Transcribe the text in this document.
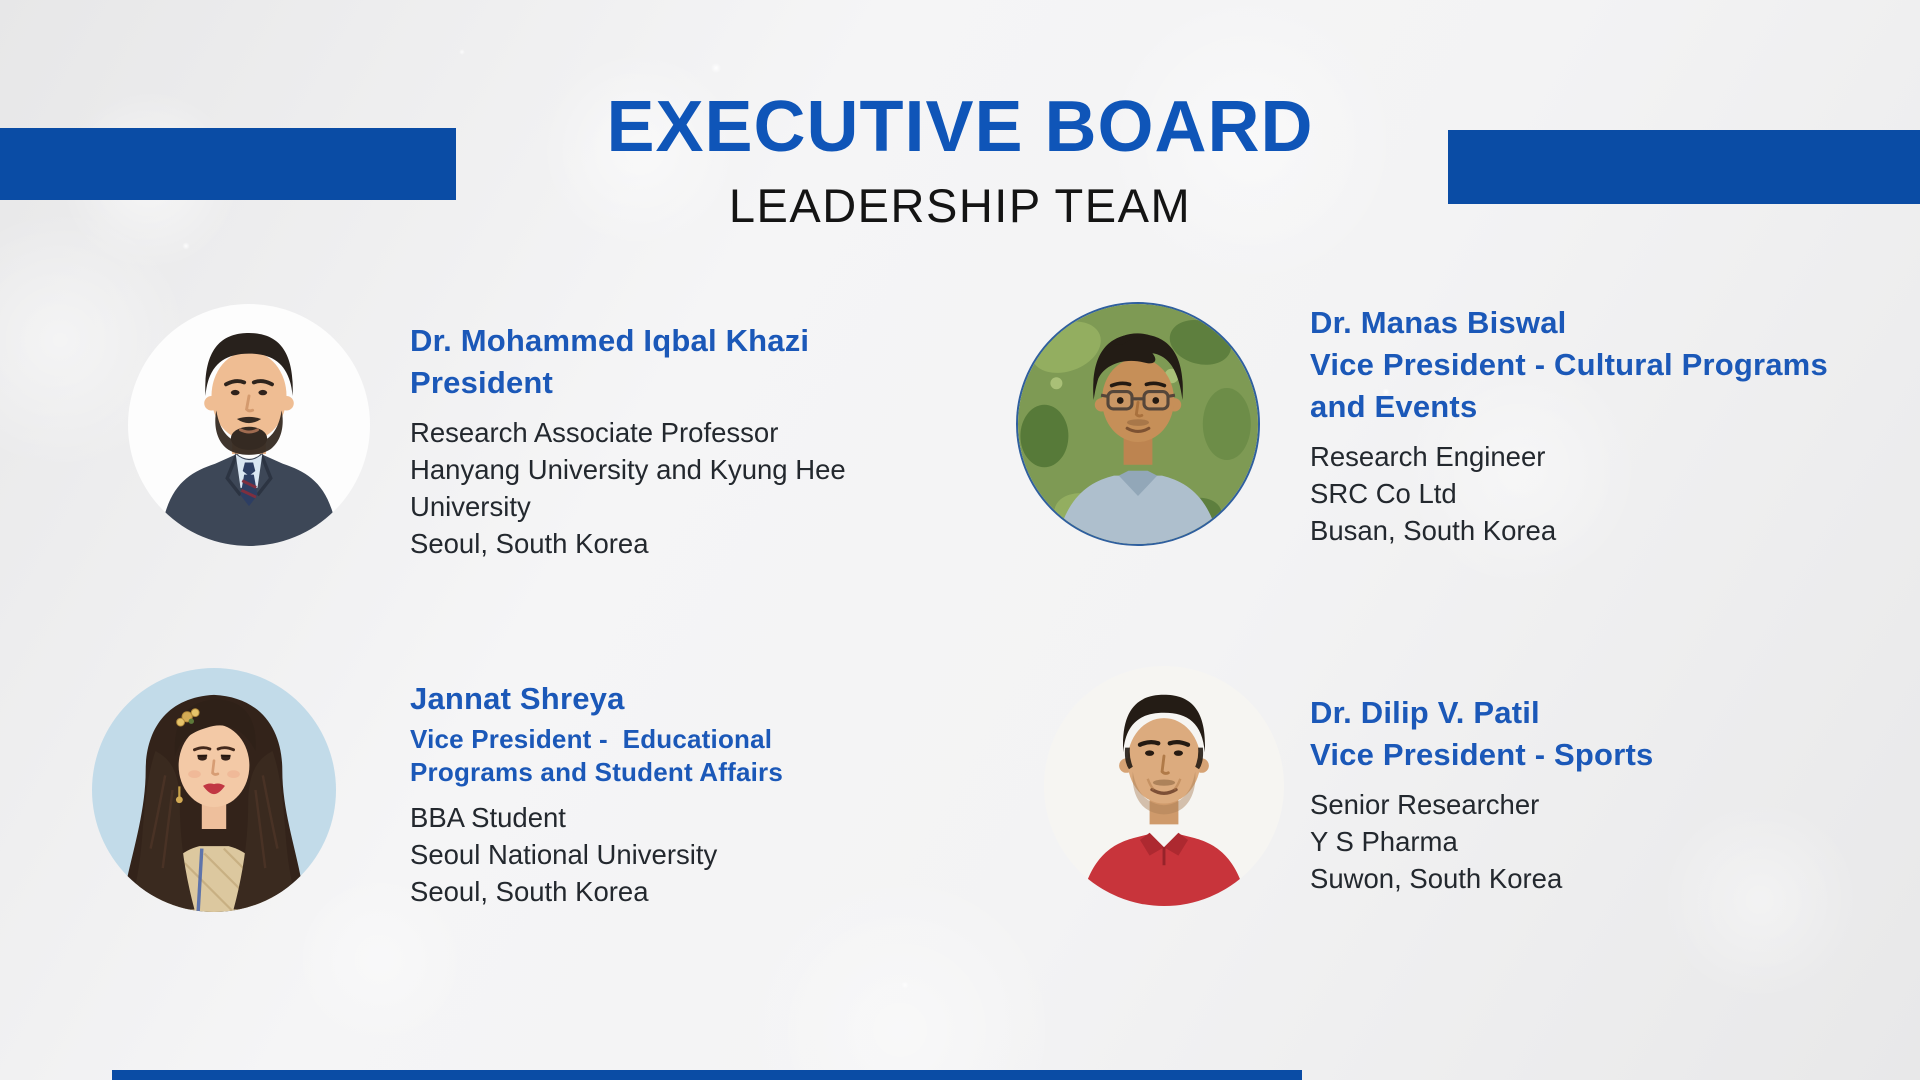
EXECUTIVE BOARD
LEADERSHIP TEAM
Dr. Mohammed Iqbal Khazi
President
Research Associate Professor
Hanyang University and Kyung Hee
University
Seoul, South Korea
Dr. Manas Biswal
Vice President - Cultural Programs
and Events
Research Engineer
SRC Co Ltd
Busan, South Korea
Jannat Shreya
Vice President -  Educational
Programs and Student Affairs
BBA Student
Seoul National University
Seoul, South Korea
Dr. Dilip V. Patil
Vice President - Sports
Senior Researcher
Y S Pharma
Suwon, South Korea
